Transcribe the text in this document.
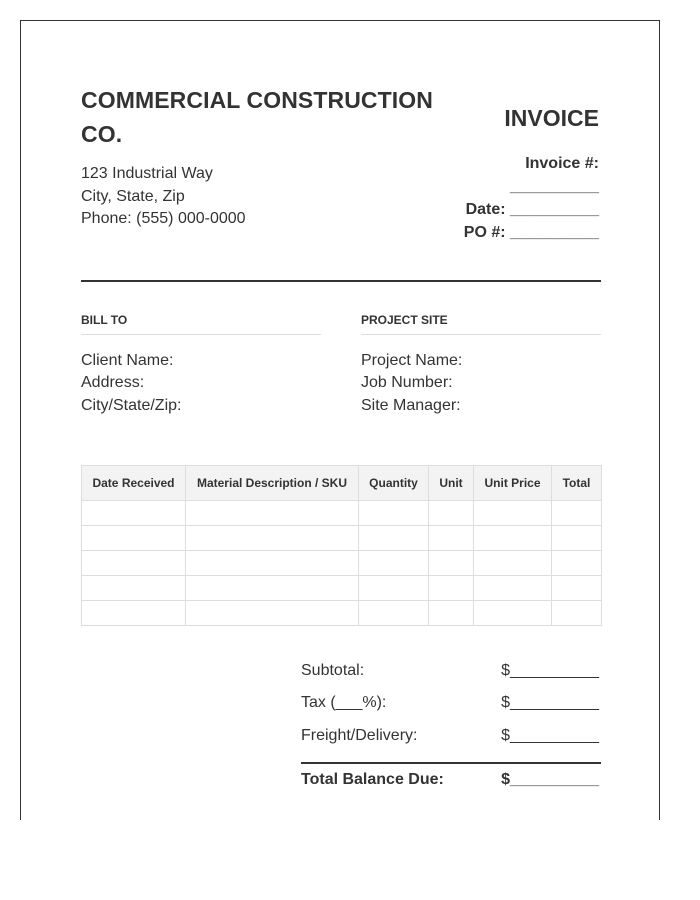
COMMERCIAL CONSTRUCTION CO.
123 Industrial Way
City, State, Zip
Phone: (555) 000-0000
INVOICE
Invoice #:
__________
Date: __________
PO #: __________
BILL TO
Client Name:
Address:
City/State/Zip:
PROJECT SITE
Project Name:
Job Number:
Site Manager:
Date Received	Material Description / SKU	Quantity	Unit	Unit Price	Total

Subtotal:	$__________
Tax (___%):	$__________
Freight/Delivery:	$__________
Total Balance Due:	$__________
